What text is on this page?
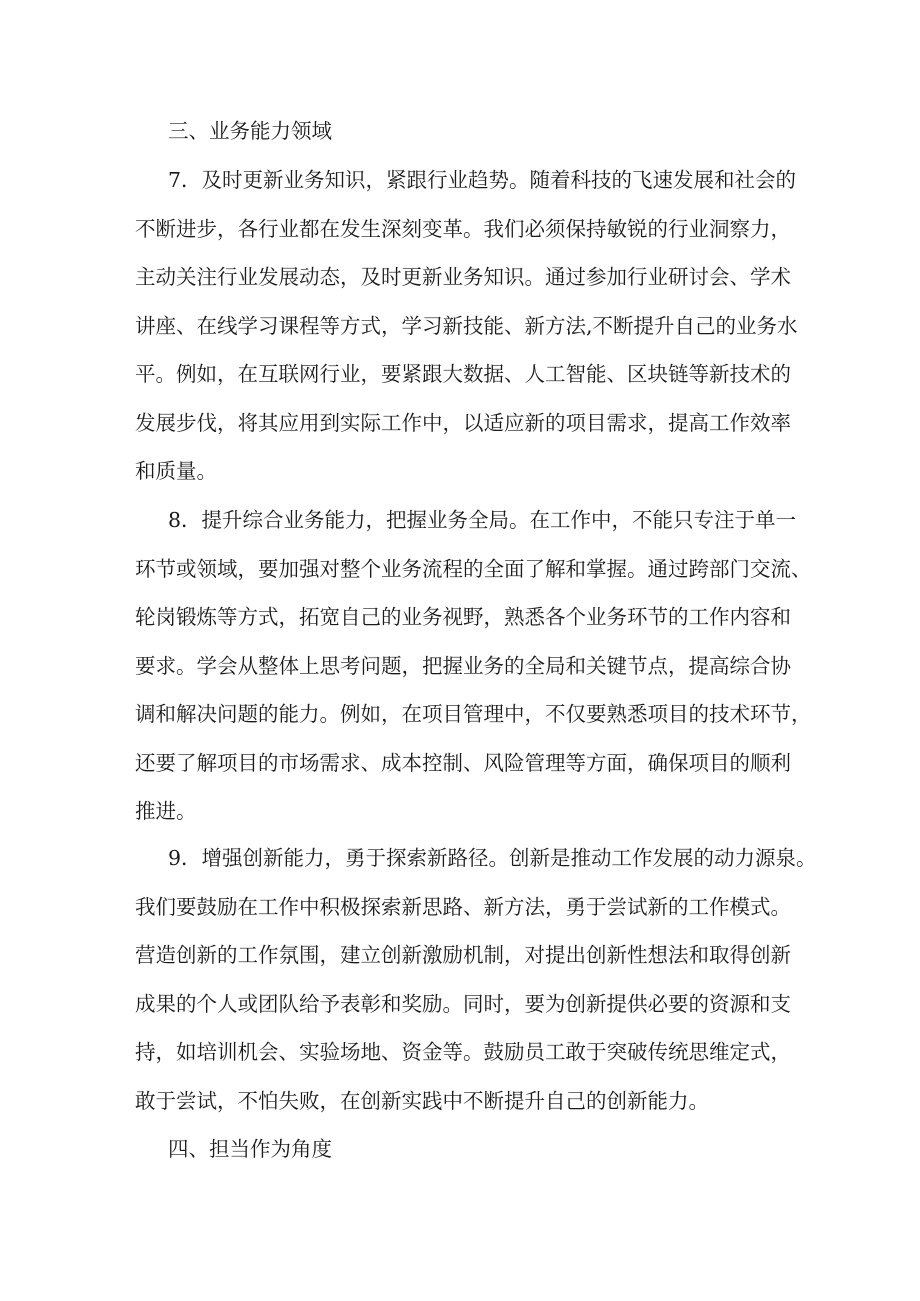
三、业务能力领域
7．及时更新业务知识，紧跟行业趋势。随着科技的飞速发展和社会的
不断进步，各行业都在发生深刻变革。我们必须保持敏锐的行业洞察力，
主动关注行业发展动态，及时更新业务知识。通过参加行业研讨会、学术
讲座、在线学习课程等方式，学习新技能、新方法,不断提升自己的业务水
平。例如，在互联网行业，要紧跟大数据、人工智能、区块链等新技术的
发展步伐，将其应用到实际工作中，以适应新的项目需求，提高工作效率
和质量。
8．提升综合业务能力，把握业务全局。在工作中，不能只专注于单一
环节或领域，要加强对整个业务流程的全面了解和掌握。通过跨部门交流、
轮岗锻炼等方式，拓宽自己的业务视野，熟悉各个业务环节的工作内容和
要求。学会从整体上思考问题，把握业务的全局和关键节点，提高综合协
调和解决问题的能力。例如，在项目管理中，不仅要熟悉项目的技术环节，
还要了解项目的市场需求、成本控制、风险管理等方面，确保项目的顺利
推进。
9．增强创新能力，勇于探索新路径。创新是推动工作发展的动力源泉。
我们要鼓励在工作中积极探索新思路、新方法，勇于尝试新的工作模式。
营造创新的工作氛围，建立创新激励机制，对提出创新性想法和取得创新
成果的个人或团队给予表彰和奖励。同时，要为创新提供必要的资源和支
持，如培训机会、实验场地、资金等。鼓励员工敢于突破传统思维定式，
敢于尝试，不怕失败，在创新实践中不断提升自己的创新能力。
四、担当作为角度
